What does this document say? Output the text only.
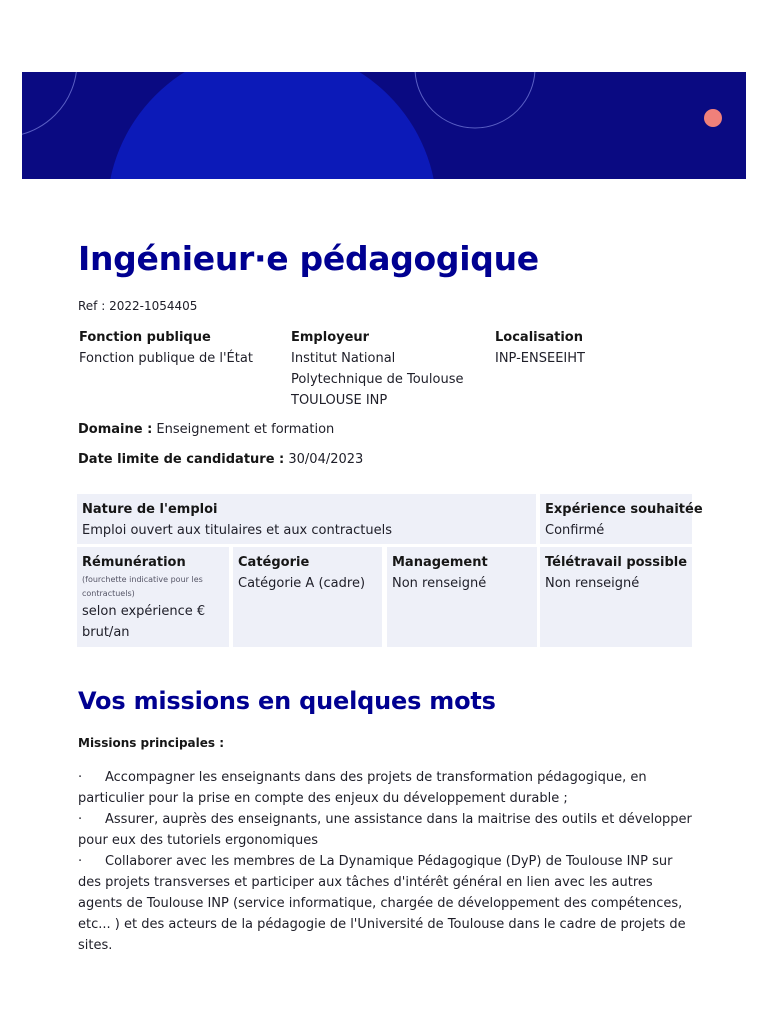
Ingénieur·e pédagogique
Ref : 2022-1054405
Fonction publique
Fonction publique de l'État
Employeur
Institut National
Polytechnique de Toulouse
TOULOUSE INP
Localisation
INP-ENSEEIHT
Domaine : Enseignement et formation
Date limite de candidature : 30/04/2023
Nature de l'emploi
Emploi ouvert aux titulaires et aux contractuels
Expérience souhaitée
Confirmé
Rémunération
(fourchette indicative pour les contractuels)
selon expérience € brut/an
Catégorie
Catégorie A (cadre)
Management
Non renseigné
Télétravail possible
Non renseigné
Vos missions en quelques mots
Missions principales :

· Accompagner les enseignants dans des projets de transformation pédagogique, en particulier pour la prise en compte des enjeux du développement durable ;

· Assurer, auprès des enseignants, une assistance dans la maitrise des outils et développer pour eux des tutoriels ergonomiques

· Collaborer avec les membres de La Dynamique Pédagogique (DyP) de Toulouse INP sur des projets transverses et participer aux tâches d'intérêt général en lien avec les autres agents de Toulouse INP (service informatique, chargée de développement des compétences, etc... ) et des acteurs de la pédagogie de l'Université de Toulouse dans le cadre de projets de sites.
